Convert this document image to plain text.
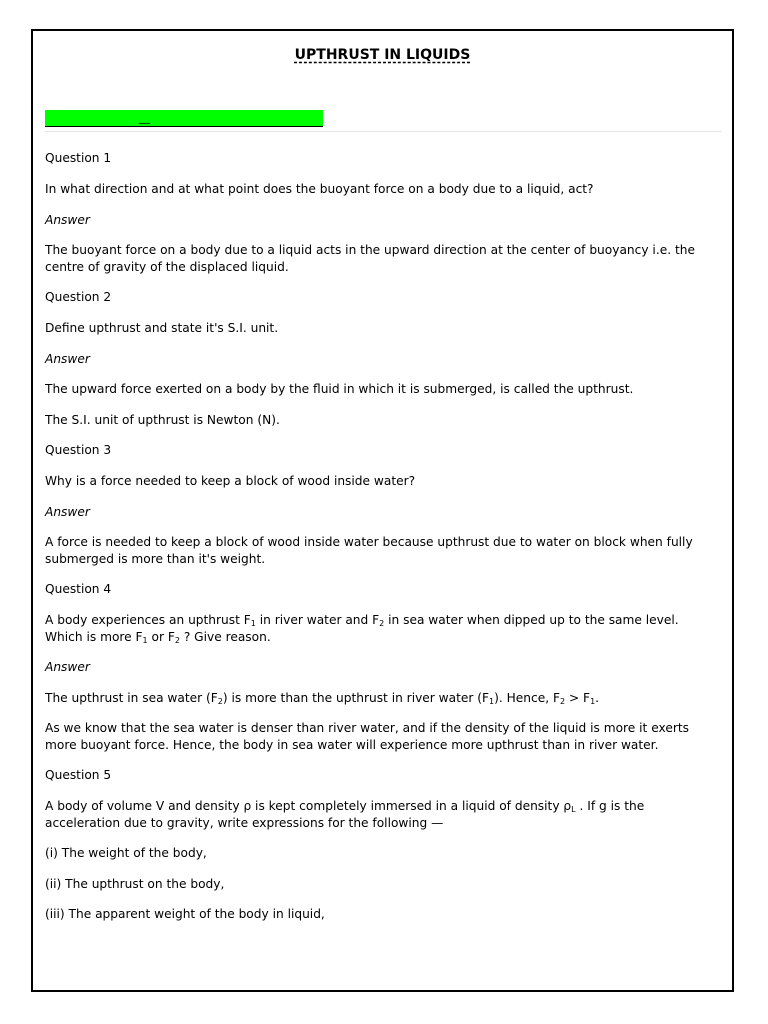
UPTHRUST IN LIQUIDS
__

Question 1

In what direction and at what point does the buoyant force on a body due to a liquid, act?

Answer

The buoyant force on a body due to a liquid acts in the upward direction at the center of buoyancy i.e. the centre of gravity of the displaced liquid.

Question 2

Define upthrust and state it's S.I. unit.

Answer

The upward force exerted on a body by the fluid in which it is submerged, is called the upthrust.

The S.I. unit of upthrust is Newton (N).

Question 3

Why is a force needed to keep a block of wood inside water?

Answer

A force is needed to keep a block of wood inside water because upthrust due to water on block when fully submerged is more than it's weight.

Question 4

A body experiences an upthrust $F_1$ in river water and $F_2$ in sea water when dipped up to the same level. Which is more $F_1$ or $F_2$ ? Give reason.

Answer

The upthrust in sea water $(F_2)$ is more than the upthrust in river water $(F_1)$. Hence, $F_2 > F_1$.

As we know that the sea water is denser than river water, and if the density of the liquid is more it exerts more buoyant force. Hence, the body in sea water will experience more upthrust than in river water.

Question 5

A body of volume V and density ρ is kept completely immersed in a liquid of density $\rho_L$ . If g is the acceleration due to gravity, write expressions for the following —

(i) The weight of the body,

(ii) The upthrust on the body,

(iii) The apparent weight of the body in liquid,
